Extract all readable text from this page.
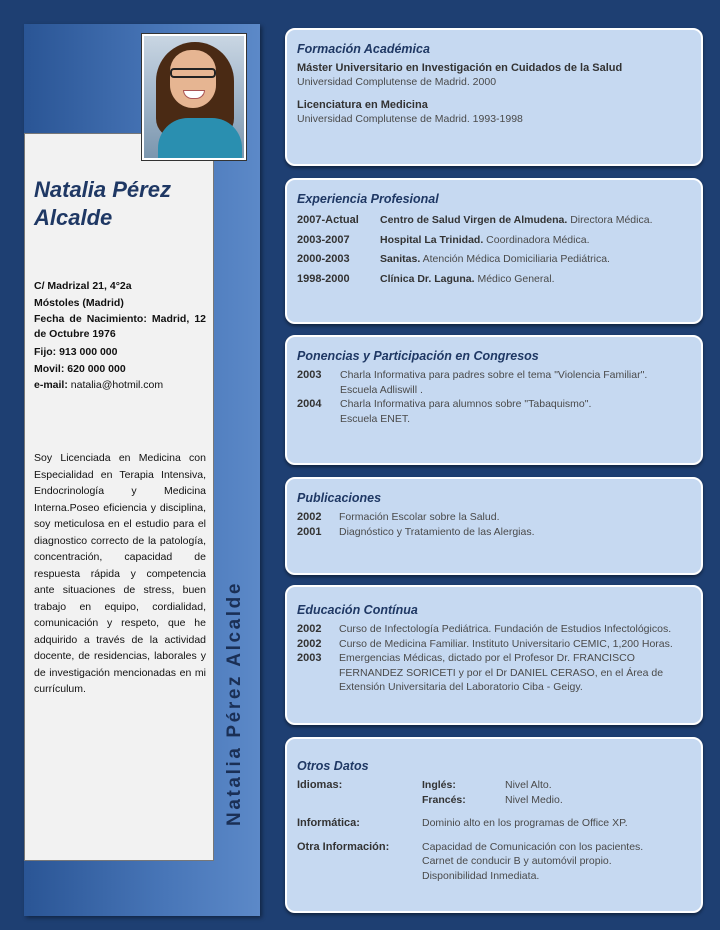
Natalia Pérez Alcalde
C/ Madrizal 21, 4°2a
Móstoles (Madrid)
Fecha de Nacimiento: Madrid, 12 de Octubre 1976
Fijo: 913 000 000
Movil: 620 000 000
e-mail: natalia@hotmil.com

Soy Licenciada en Medicina con Especialidad en Terapia Intensiva, Endocrinología y Medicina Interna.Poseo eficiencia y disciplina, soy meticulosa en el estudio para el diagnostico correcto de la patología, concentración, capacidad de respuesta rápida y competencia ante situaciones de stress, buen trabajo en equipo, cordialidad, comunicación y respeto, que he adquirido a través de la actividad docente, de residencias, laborales y de investigación mencionadas en mi currículum.	Natalia Pérez Alcalde
Formación Académica
Máster Universitario en Investigación en Cuidados de la Salud
Universidad Complutense de Madrid. 2000
Licenciatura en Medicina
Universidad Complutense de Madrid. 1993-1998
Experiencia Profesional
2007-Actual	Centro de Salud Virgen de Almudena. Directora Médica.
2003-2007	Hospital La Trinidad. Coordinadora Médica.
2000-2003	Sanitas. Atención Médica Domiciliaria Pediátrica.
1998-2000	Clínica Dr. Laguna. Médico General.
Ponencias y Participación en Congresos
2003	Charla Informativa para padres sobre el tema "Violencia Familiar".
Escuela Adliswill .
2004	Charla Informativa para alumnos sobre "Tabaquismo".
Escuela ENET.
Publicaciones
2002	Formación Escolar sobre la Salud.
2001	Diagnóstico y Tratamiento de las Alergias.
Educación Contínua
2002	Curso de Infectología Pediátrica. Fundación de Estudios Infectológicos.
2002	Curso de Medicina Familiar. Instituto Universitario CEMIC, 1,200 Horas.
2003	Emergencias Médicas, dictado por el Profesor Dr. FRANCISCO FERNANDEZ SORICETI y por el Dr DANIEL CERASO, en el Área de Extensión Universitaria del Laboratorio Ciba - Geigy.
Otros Datos
Idiomas:	Inglés:	Nivel Alto.
Francés:	Nivel Medio.
Informática:	Dominio alto en los programas de Office XP.
Otra Información:	Capacidad de Comunicación con los pacientes.
Carnet de conducir B y automóvil propio.
Disponibilidad Inmediata.
